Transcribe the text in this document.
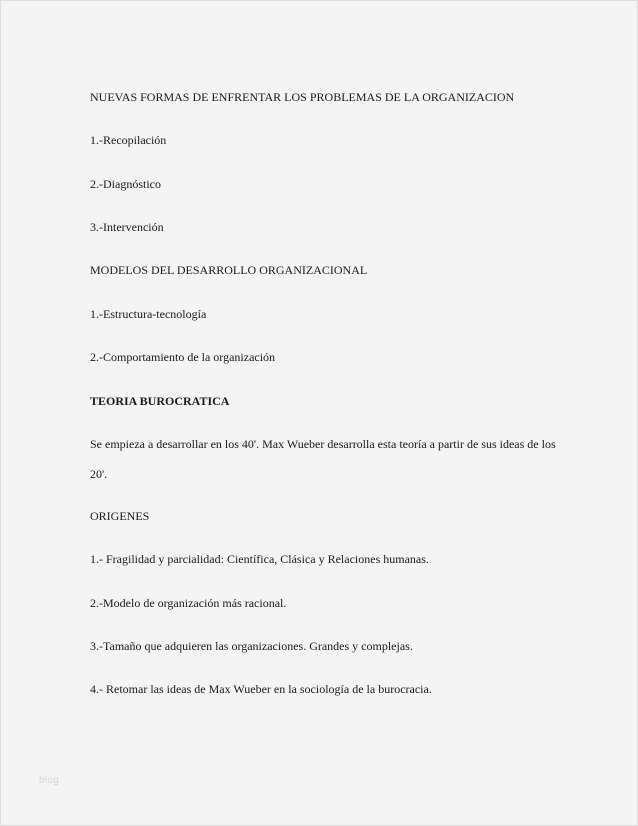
NUEVAS FORMAS DE ENFRENTAR LOS PROBLEMAS DE LA ORGANIZACION
1.-Recopilación
2.-Diagnóstico
3.-Intervención
MODELOS DEL DESARROLLO ORGANIZACIONAL
1.-Estructura-tecnología
2.-Comportamiento de la organización
TEORIA BUROCRATICA
Se empieza a desarrollar en los 40'. Max Wueber desarrolla esta teoría a partir de sus ideas de los
20'.
ORIGENES
1.- Fragilidad y parcialidad: Científica, Clásica y Relaciones humanas.
2.-Modelo de organización más racional.
3.-Tamaño que adquieren las organizaciones. Grandes y complejas.
4.- Retomar las ideas de Max Wueber en la sociología de la burocracia.
blog
